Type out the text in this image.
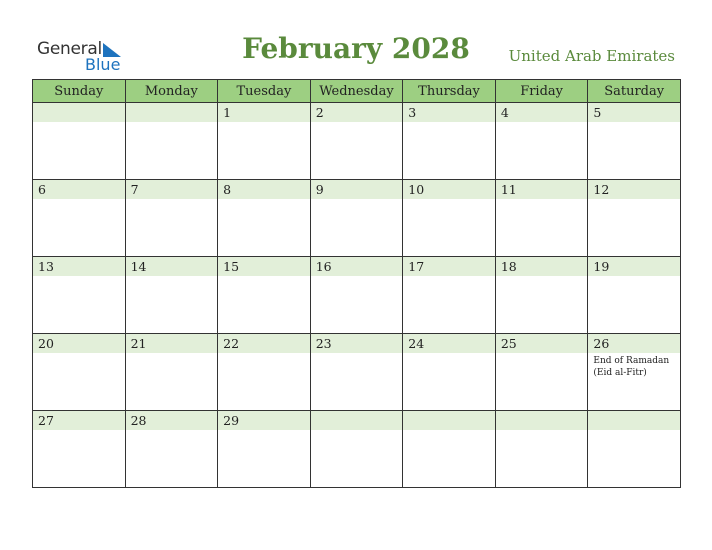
General
Blue	February 2028	United Arab Emirates
Sunday	Monday	Tuesday	Wednesday	Thursday	Friday	Saturday

		1	2	3	4	5

6	7	8	9	10	11	12

13	14	15	16	17	18	19

20	21	22	23	24	25	26
End of Ramadan (Eid al-Fitr)

27	28	29				
